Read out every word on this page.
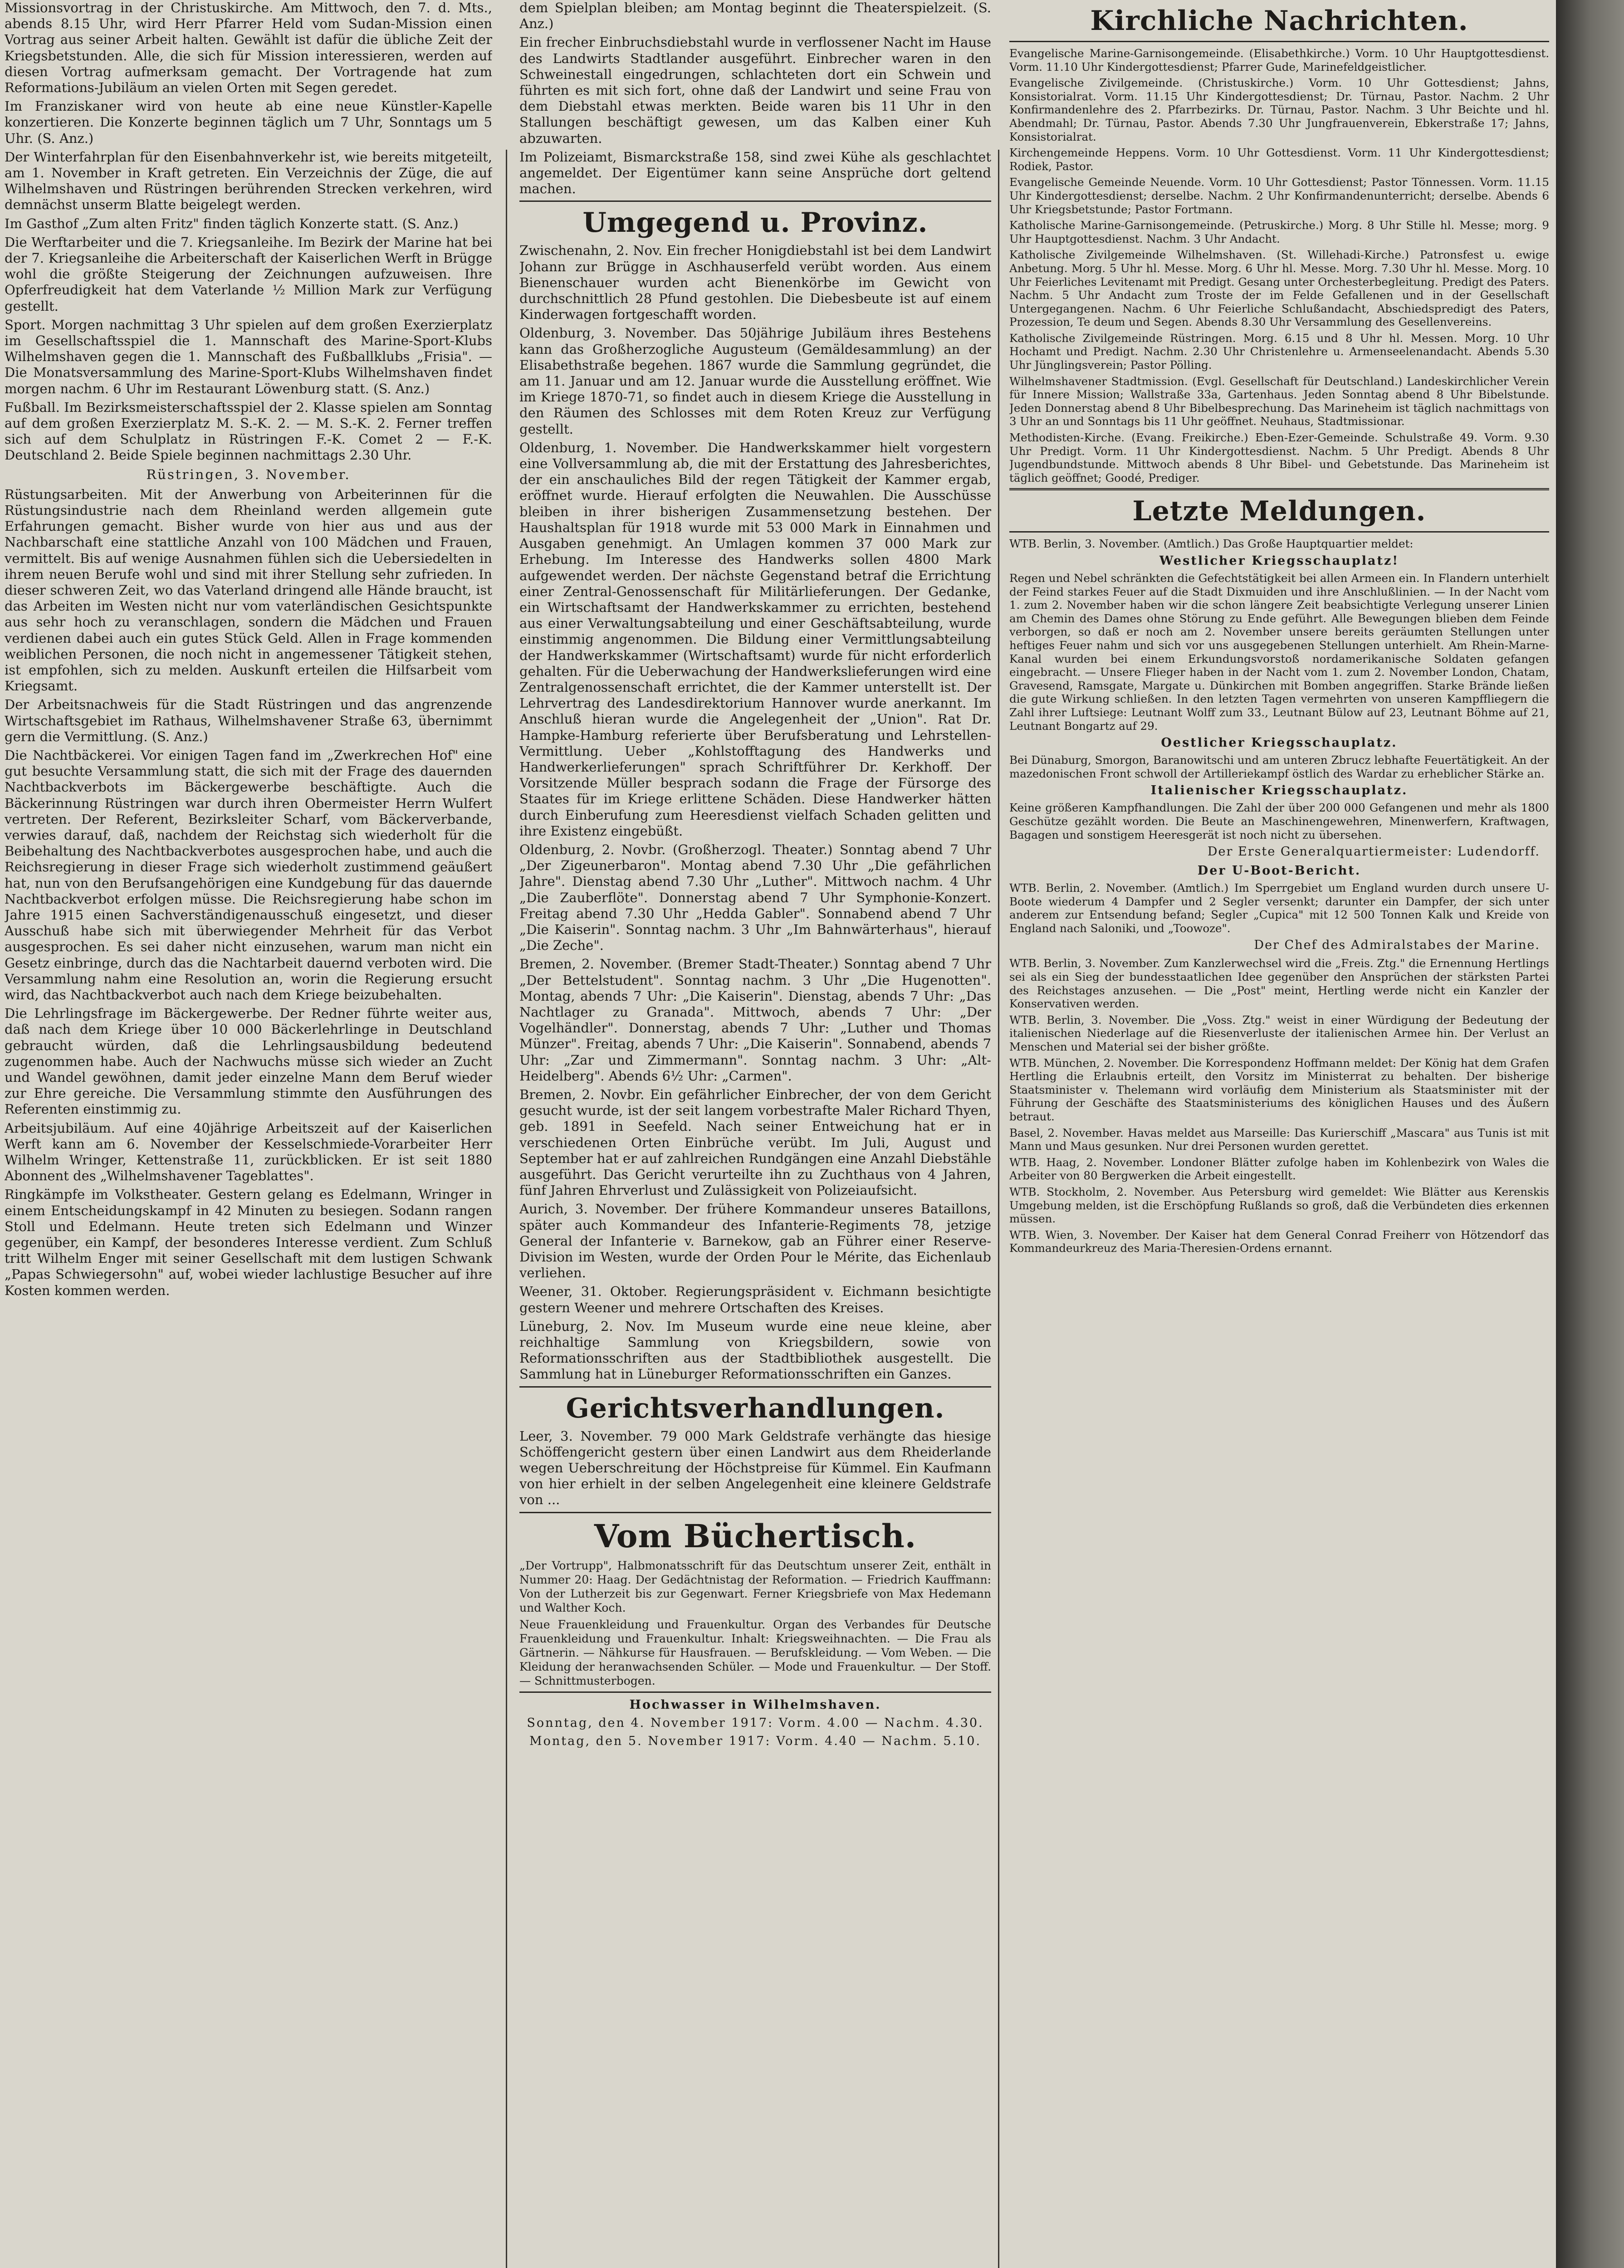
Missionsvortrag in der Christuskirche. Am Mittwoch, den 7. d. Mts., abends 8.15 Uhr, wird Herr Pfarrer Held vom Sudan-Mission einen Vortrag aus seiner Arbeit halten. Gewählt ist dafür die übliche Zeit der Kriegsbetstunden. Alle, die sich für Mission interessieren, werden auf diesen Vortrag aufmerksam gemacht. Der Vortragende hat zum Reformations-Jubiläum an vielen Orten mit Segen geredet.

Im Franziskaner wird von heute ab eine neue Künstler-Kapelle konzertieren. Die Konzerte beginnen täglich um 7 Uhr, Sonntags um 5 Uhr. (S. Anz.)

Der Winterfahrplan für den Eisenbahnverkehr ist, wie bereits mitgeteilt, am 1. November in Kraft getreten. Ein Verzeichnis der Züge, die auf Wilhelmshaven und Rüstringen berührenden Strecken verkehren, wird demnächst unserm Blatte beigelegt werden.

Im Gasthof „Zum alten Fritz" finden täglich Konzerte statt. (S. Anz.)

Die Werftarbeiter und die 7. Kriegsanleihe. Im Bezirk der Marine hat bei der 7. Kriegsanleihe die Arbeiterschaft der Kaiserlichen Werft in Brügge wohl die größte Steigerung der Zeichnungen aufzuweisen. Ihre Opferfreudigkeit hat dem Vaterlande ½ Million Mark zur Verfügung gestellt.

Sport. Morgen nachmittag 3 Uhr spielen auf dem großen Exerzierplatz im Gesellschaftsspiel die 1. Mannschaft des Marine-Sport-Klubs Wilhelmshaven gegen die 1. Mannschaft des Fußballklubs „Frisia". — Die Monatsversammlung des Marine-Sport-Klubs Wilhelmshaven findet morgen nachm. 6 Uhr im Restaurant Löwenburg statt. (S. Anz.)

Fußball. Im Bezirksmeisterschaftsspiel der 2. Klasse spielen am Sonntag auf dem großen Exerzierplatz M. S.-K. 2. — M. S.-K. 2. Ferner treffen sich auf dem Schulplatz in Rüstringen F.-K. Comet 2 — F.-K. Deutschland 2. Beide Spiele beginnen nachmittags 2.30 Uhr.

Rüstringen, 3. November.

Rüstungsarbeiten. Mit der Anwerbung von Arbeiterinnen für die Rüstungsindustrie nach dem Rheinland werden allgemein gute Erfahrungen gemacht. Bisher wurde von hier aus und aus der Nachbarschaft eine stattliche Anzahl von 100 Mädchen und Frauen, vermittelt. Bis auf wenige Ausnahmen fühlen sich die Uebersiedelten in ihrem neuen Berufe wohl und sind mit ihrer Stellung sehr zufrieden. In dieser schweren Zeit, wo das Vaterland dringend alle Hände braucht, ist das Arbeiten im Westen nicht nur vom vaterländischen Gesichtspunkte aus sehr hoch zu veranschlagen, sondern die Mädchen und Frauen verdienen dabei auch ein gutes Stück Geld. Allen in Frage kommenden weiblichen Personen, die noch nicht in angemessener Tätigkeit stehen, ist empfohlen, sich zu melden. Auskunft erteilen die Hilfsarbeit vom Kriegsamt.

Der Arbeitsnachweis für die Stadt Rüstringen und das angrenzende Wirtschaftsgebiet im Rathaus, Wilhelmshavener Straße 63, übernimmt gern die Vermittlung. (S. Anz.)

Die Nachtbäckerei. Vor einigen Tagen fand im „Zwerkrechen Hof" eine gut besuchte Versammlung statt, die sich mit der Frage des dauernden Nachtbackverbots im Bäckergewerbe beschäftigte. Auch die Bäckerinnung Rüstringen war durch ihren Obermeister Herrn Wulfert vertreten. Der Referent, Bezirksleiter Scharf, vom Bäckerverbande, verwies darauf, daß, nachdem der Reichstag sich wiederholt für die Beibehaltung des Nachtbackverbotes ausgesprochen habe, und auch die Reichsregierung in dieser Frage sich wiederholt zustimmend geäußert hat, nun von den Berufsangehörigen eine Kundgebung für das dauernde Nachtbackverbot erfolgen müsse. Die Reichsregierung habe schon im Jahre 1915 einen Sachverständigenausschuß eingesetzt, und dieser Ausschuß habe sich mit überwiegender Mehrheit für das Verbot ausgesprochen. Es sei daher nicht einzusehen, warum man nicht ein Gesetz einbringe, durch das die Nachtarbeit dauernd verboten wird. Die Versammlung nahm eine Resolution an, worin die Regierung ersucht wird, das Nachtbackverbot auch nach dem Kriege beizubehalten.

Die Lehrlingsfrage im Bäckergewerbe. Der Redner führte weiter aus, daß nach dem Kriege über 10 000 Bäckerlehrlinge in Deutschland gebraucht würden, daß die Lehrlingsausbildung bedeutend zugenommen habe. Auch der Nachwuchs müsse sich wieder an Zucht und Wandel gewöhnen, damit jeder einzelne Mann dem Beruf wieder zur Ehre gereiche. Die Versammlung stimmte den Ausführungen des Referenten einstimmig zu.

Arbeitsjubiläum. Auf eine 40jährige Arbeitszeit auf der Kaiserlichen Werft kann am 6. November der Kesselschmiede-Vorarbeiter Herr Wilhelm Wringer, Kettenstraße 11, zurückblicken. Er ist seit 1880 Abonnent des „Wilhelmshavener Tageblattes".

Ringkämpfe im Volkstheater. Gestern gelang es Edelmann, Wringer in einem Entscheidungskampf in 42 Minuten zu besiegen. Sodann rangen Stoll und Edelmann. Heute treten sich Edelmann und Winzer gegenüber, ein Kampf, der besonderes Interesse verdient. Zum Schluß tritt Wilhelm Enger mit seiner Gesellschaft mit dem lustigen Schwank „Papas Schwiegersohn" auf, wobei wieder lachlustige Besucher auf ihre Kosten kommen werden.

dem Spielplan bleiben; am Montag beginnt die Theaterspielzeit. (S. Anz.)

Ein frecher Einbruchsdiebstahl wurde in verflossener Nacht im Hause des Landwirts Stadtlander ausgeführt. Einbrecher waren in den Schweinestall eingedrungen, schlachteten dort ein Schwein und führten es mit sich fort, ohne daß der Landwirt und seine Frau von dem Diebstahl etwas merkten. Beide waren bis 11 Uhr in den Stallungen beschäftigt gewesen, um das Kalben einer Kuh abzuwarten.

Im Polizeiamt, Bismarckstraße 158, sind zwei Kühe als geschlachtet angemeldet. Der Eigentümer kann seine Ansprüche dort geltend machen.

Umgegend u. Provinz.

Zwischenahn, 2. Nov. Ein frecher Honigdiebstahl ist bei dem Landwirt Johann zur Brügge in Aschhauserfeld verübt worden. Aus einem Bienenschauer wurden acht Bienenkörbe im Gewicht von durchschnittlich 28 Pfund gestohlen. Die Diebesbeute ist auf einem Kinderwagen fortgeschafft worden.

Oldenburg, 3. November. Das 50jährige Jubiläum ihres Bestehens kann das Großherzogliche Augusteum (Gemäldesammlung) an der Elisabethstraße begehen. 1867 wurde die Sammlung gegründet, die am 11. Januar und am 12. Januar wurde die Ausstellung eröffnet. Wie im Kriege 1870-71, so findet auch in diesem Kriege die Ausstellung in den Räumen des Schlosses mit dem Roten Kreuz zur Verfügung gestellt.

Oldenburg, 1. November. Die Handwerkskammer hielt vorgestern eine Vollversammlung ab, die mit der Erstattung des Jahresberichtes, der ein anschauliches Bild der regen Tätigkeit der Kammer ergab, eröffnet wurde. Hierauf erfolgten die Neuwahlen. Die Ausschüsse bleiben in ihrer bisherigen Zusammensetzung bestehen. Der Haushaltsplan für 1918 wurde mit 53 000 Mark in Einnahmen und Ausgaben genehmigt. An Umlagen kommen 37 000 Mark zur Erhebung. Im Interesse des Handwerks sollen 4800 Mark aufgewendet werden. Der nächste Gegenstand betraf die Errichtung einer Zentral-Genossenschaft für Militärlieferungen. Der Gedanke, ein Wirtschaftsamt der Handwerkskammer zu errichten, bestehend aus einer Verwaltungsabteilung und einer Geschäftsabteilung, wurde einstimmig angenommen. Die Bildung einer Vermittlungsabteilung der Handwerkskammer (Wirtschaftsamt) wurde für nicht erforderlich gehalten. Für die Ueberwachung der Handwerkslieferungen wird eine Zentralgenossenschaft errichtet, die der Kammer unterstellt ist. Der Lehrvertrag des Landesdirektorium Hannover wurde anerkannt. Im Anschluß hieran wurde die Angelegenheit der „Union". Rat Dr. Hampke-Hamburg referierte über Berufsberatung und Lehrstellen-Vermittlung. Ueber „Kohlstofftagung des Handwerks und Handwerkerlieferungen" sprach Schriftführer Dr. Kerkhoff. Der Vorsitzende Müller besprach sodann die Frage der Fürsorge des Staates für im Kriege erlittene Schäden. Diese Handwerker hätten durch Einberufung zum Heeresdienst vielfach Schaden gelitten und ihre Existenz eingebüßt.

Oldenburg, 2. Novbr. (Großherzogl. Theater.) Sonntag abend 7 Uhr „Der Zigeunerbaron". Montag abend 7.30 Uhr „Die gefährlichen Jahre". Dienstag abend 7.30 Uhr „Luther". Mittwoch nachm. 4 Uhr „Die Zauberflöte". Donnerstag abend 7 Uhr Symphonie-Konzert. Freitag abend 7.30 Uhr „Hedda Gabler". Sonnabend abend 7 Uhr „Die Kaiserin". Sonntag nachm. 3 Uhr „Im Bahnwärterhaus", hierauf „Die Zeche".

Bremen, 2. November. (Bremer Stadt-Theater.) Sonntag abend 7 Uhr „Der Bettelstudent". Sonntag nachm. 3 Uhr „Die Hugenotten". Montag, abends 7 Uhr: „Die Kaiserin". Dienstag, abends 7 Uhr: „Das Nachtlager zu Granada". Mittwoch, abends 7 Uhr: „Der Vogelhändler". Donnerstag, abends 7 Uhr: „Luther und Thomas Münzer". Freitag, abends 7 Uhr: „Die Kaiserin". Sonnabend, abends 7 Uhr: „Zar und Zimmermann". Sonntag nachm. 3 Uhr: „Alt-Heidelberg". Abends 6½ Uhr: „Carmen".

Bremen, 2. Novbr. Ein gefährlicher Einbrecher, der von dem Gericht gesucht wurde, ist der seit langem vorbestrafte Maler Richard Thyen, geb. 1891 in Seefeld. Nach seiner Entweichung hat er in verschiedenen Orten Einbrüche verübt. Im Juli, August und September hat er auf zahlreichen Rundgängen eine Anzahl Diebstähle ausgeführt. Das Gericht verurteilte ihn zu Zuchthaus von 4 Jahren, fünf Jahren Ehrverlust und Zulässigkeit von Polizeiaufsicht.

Aurich, 3. November. Der frühere Kommandeur unseres Bataillons, später auch Kommandeur des Infanterie-Regiments 78, jetzige General der Infanterie v. Barnekow, gab an Führer einer Reserve-Division im Westen, wurde der Orden Pour le Mérite, das Eichenlaub verliehen.

Weener, 31. Oktober. Regierungspräsident v. Eichmann besichtigte gestern Weener und mehrere Ortschaften des Kreises.

Lüneburg, 2. Nov. Im Museum wurde eine neue kleine, aber reichhaltige Sammlung von Kriegsbildern, sowie von Reformationsschriften aus der Stadtbibliothek ausgestellt. Die Sammlung hat in Lüneburger Reformationsschriften ein Ganzes.

Gerichtsverhandlungen.

Leer, 3. November. 79 000 Mark Geldstrafe verhängte das hiesige Schöffengericht gestern über einen Landwirt aus dem Rheiderlande wegen Ueberschreitung der Höchstpreise für Kümmel. Ein Kaufmann von hier erhielt in der selben Angelegenheit eine kleinere Geldstrafe von ...

Vom Büchertisch.

„Der Vortrupp", Halbmonatsschrift für das Deutschtum unserer Zeit, enthält in Nummer 20: Haag. Der Gedächtnistag der Reformation. — Friedrich Kauffmann: Von der Lutherzeit bis zur Gegenwart. Ferner Kriegsbriefe von Max Hedemann und Walther Koch.

Neue Frauenkleidung und Frauenkultur. Organ des Verbandes für Deutsche Frauenkleidung und Frauenkultur. Inhalt: Kriegsweihnachten. — Die Frau als Gärtnerin. — Nähkurse für Hausfrauen. — Berufskleidung. — Vom Weben. — Die Kleidung der heranwachsenden Schüler. — Mode und Frauenkultur. — Der Stoff. — Schnittmusterbogen.

Hochwasser in Wilhelmshaven.
Sonntag, den 4. November 1917: Vorm. 4.00 — Nachm. 4.30.
Montag, den 5. November 1917: Vorm. 4.40 — Nachm. 5.10.
Kirchliche Nachrichten.

Evangelische Marine-Garnisongemeinde. (Elisabethkirche.) Vorm. 10 Uhr Hauptgottesdienst. Vorm. 11.10 Uhr Kindergottesdienst; Pfarrer Gude, Marinefeldgeistlicher.

Evangelische Zivilgemeinde. (Christuskirche.) Vorm. 10 Uhr Gottesdienst; Jahns, Konsistorialrat. Vorm. 11.15 Uhr Kindergottesdienst; Dr. Türnau, Pastor. Nachm. 2 Uhr Konfirmandenlehre des 2. Pfarrbezirks. Dr. Türnau, Pastor. Nachm. 3 Uhr Beichte und hl. Abendmahl; Dr. Türnau, Pastor. Abends 7.30 Uhr Jungfrauenverein, Ebkerstraße 17; Jahns, Konsistorialrat.

Kirchengemeinde Heppens. Vorm. 10 Uhr Gottesdienst. Vorm. 11 Uhr Kindergottesdienst; Rodiek, Pastor.

Evangelische Gemeinde Neuende. Vorm. 10 Uhr Gottesdienst; Pastor Tönnessen. Vorm. 11.15 Uhr Kindergottesdienst; derselbe. Nachm. 2 Uhr Konfirmandenunterricht; derselbe. Abends 6 Uhr Kriegsbetstunde; Pastor Fortmann.

Katholische Marine-Garnisongemeinde. (Petruskirche.) Morg. 8 Uhr Stille hl. Messe; morg. 9 Uhr Hauptgottesdienst. Nachm. 3 Uhr Andacht.

Katholische Zivilgemeinde Wilhelmshaven. (St. Willehadi-Kirche.) Patronsfest u. ewige Anbetung. Morg. 5 Uhr hl. Messe. Morg. 6 Uhr hl. Messe. Morg. 7.30 Uhr hl. Messe. Morg. 10 Uhr Feierliches Levitenamt mit Predigt. Gesang unter Orchesterbegleitung. Predigt des Paters. Nachm. 5 Uhr Andacht zum Troste der im Felde Gefallenen und in der Gesellschaft Untergegangenen. Nachm. 6 Uhr Feierliche Schlußandacht, Abschiedspredigt des Paters, Prozession, Te deum und Segen. Abends 8.30 Uhr Versammlung des Gesellenvereins.

Katholische Zivilgemeinde Rüstringen. Morg. 6.15 und 8 Uhr hl. Messen. Morg. 10 Uhr Hochamt und Predigt. Nachm. 2.30 Uhr Christenlehre u. Armenseelenandacht. Abends 5.30 Uhr Jünglingsverein; Pastor Pölling.

Wilhelmshavener Stadtmission. (Evgl. Gesellschaft für Deutschland.) Landeskirchlicher Verein für Innere Mission; Wallstraße 33a, Gartenhaus. Jeden Sonntag abend 8 Uhr Bibelstunde. Jeden Donnerstag abend 8 Uhr Bibelbesprechung. Das Marineheim ist täglich nachmittags von 3 Uhr an und Sonntags bis 11 Uhr geöffnet. Neuhaus, Stadtmissionar.

Methodisten-Kirche. (Evang. Freikirche.) Eben-Ezer-Gemeinde. Schulstraße 49. Vorm. 9.30 Uhr Predigt. Vorm. 11 Uhr Kindergottesdienst. Nachm. 5 Uhr Predigt. Abends 8 Uhr Jugendbundstunde. Mittwoch abends 8 Uhr Bibel- und Gebetstunde. Das Marineheim ist täglich geöffnet; Goodé, Prediger.

Letzte Meldungen.

WTB. Berlin, 3. November. (Amtlich.) Das Große Hauptquartier meldet:

Westlicher Kriegsschauplatz!

Regen und Nebel schränkten die Gefechtstätigkeit bei allen Armeen ein. In Flandern unterhielt der Feind starkes Feuer auf die Stadt Dixmuiden und ihre Anschlußlinien. — In der Nacht vom 1. zum 2. November haben wir die schon längere Zeit beabsichtigte Verlegung unserer Linien am Chemin des Dames ohne Störung zu Ende geführt. Alle Bewegungen blieben dem Feinde verborgen, so daß er noch am 2. November unsere bereits geräumten Stellungen unter heftiges Feuer nahm und sich vor uns ausgegebenen Stellungen unterhielt. Am Rhein-Marne-Kanal wurden bei einem Erkundungsvorstoß nordamerikanische Soldaten gefangen eingebracht. — Unsere Flieger haben in der Nacht vom 1. zum 2. November London, Chatam, Gravesend, Ramsgate, Margate u. Dünkirchen mit Bomben angegriffen. Starke Brände ließen die gute Wirkung schließen. In den letzten Tagen vermehrten von unseren Kampffliegern die Zahl ihrer Luftsiege: Leutnant Wolff zum 33., Leutnant Bülow auf 23, Leutnant Böhme auf 21, Leutnant Bongartz auf 29.

Oestlicher Kriegsschauplatz.

Bei Dünaburg, Smorgon, Baranowitschi und am unteren Zbrucz lebhafte Feuertätigkeit. An der mazedonischen Front schwoll der Artilleriekampf östlich des Wardar zu erheblicher Stärke an.

Italienischer Kriegsschauplatz.

Keine größeren Kampfhandlungen. Die Zahl der über 200 000 Gefangenen und mehr als 1800 Geschütze gezählt worden. Die Beute an Maschinengewehren, Minenwerfern, Kraftwagen, Bagagen und sonstigem Heeresgerät ist noch nicht zu übersehen.

Der Erste Generalquartiermeister: Ludendorff.
Der U-Boot-Bericht.

WTB. Berlin, 2. November. (Amtlich.) Im Sperrgebiet um England wurden durch unsere U-Boote wiederum 4 Dampfer und 2 Segler versenkt; darunter ein Dampfer, der sich unter anderem zur Entsendung befand; Segler „Cupica" mit 12 500 Tonnen Kalk und Kreide von England nach Saloniki, und „Toowoze".

Der Chef des Admiralstabes der Marine.

WTB. Berlin, 3. November. Zum Kanzlerwechsel wird die „Freis. Ztg." die Ernennung Hertlings sei als ein Sieg der bundesstaatlichen Idee gegenüber den Ansprüchen der stärksten Partei des Reichstages anzusehen. — Die „Post" meint, Hertling werde nicht ein Kanzler der Konservativen werden.

WTB. Berlin, 3. November. Die „Voss. Ztg." weist in einer Würdigung der Bedeutung der italienischen Niederlage auf die Riesenverluste der italienischen Armee hin. Der Verlust an Menschen und Material sei der bisher größte.

WTB. München, 2. November. Die Korrespondenz Hoffmann meldet: Der König hat dem Grafen Hertling die Erlaubnis erteilt, den Vorsitz im Ministerrat zu behalten. Der bisherige Staatsminister v. Thelemann wird vorläufig dem Ministerium als Staatsminister mit der Führung der Geschäfte des Staatsministeriums des königlichen Hauses und des Äußern betraut.

Basel, 2. November. Havas meldet aus Marseille: Das Kurierschiff „Mascara" aus Tunis ist mit Mann und Maus gesunken. Nur drei Personen wurden gerettet.

WTB. Haag, 2. November. Londoner Blätter zufolge haben im Kohlenbezirk von Wales die Arbeiter von 80 Bergwerken die Arbeit eingestellt.

WTB. Stockholm, 2. November. Aus Petersburg wird gemeldet: Wie Blätter aus Kerenskis Umgebung melden, ist die Erschöpfung Rußlands so groß, daß die Verbündeten dies erkennen müssen.

WTB. Wien, 3. November. Der Kaiser hat dem General Conrad Freiherr von Hötzendorf das Kommandeurkreuz des Maria-Theresien-Ordens ernannt.
